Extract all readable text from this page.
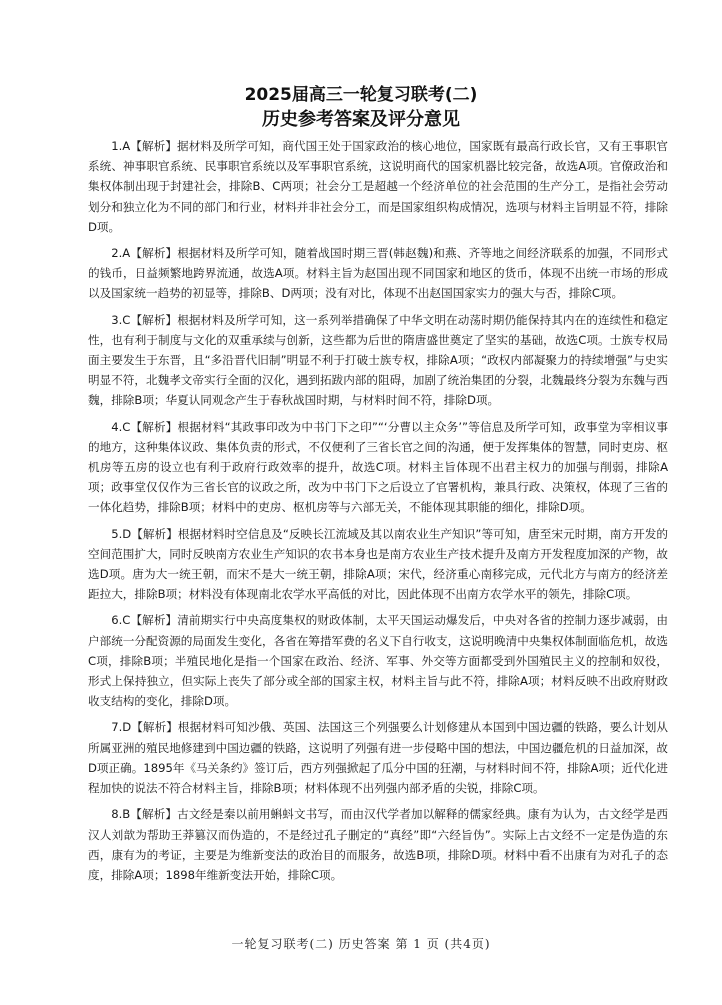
2025届高三一轮复习联考(二)
历史参考答案及评分意见

1.A【解析】据材料及所学可知，商代国王处于国家政治的核心地位，国家既有最高行政长官，又有王事职官系统、神事职官系统、民事职官系统以及军事职官系统，这说明商代的国家机器比较完备，故选A项。官僚政治和集权体制出现于封建社会，排除B、C两项；社会分工是超越一个经济单位的社会范围的生产分工，是指社会劳动划分和独立化为不同的部门和行业，材料并非社会分工，而是国家组织构成情况，选项与材料主旨明显不符，排除D项。

2.A【解析】根据材料及所学可知，随着战国时期三晋(韩赵魏)和燕、齐等地之间经济联系的加强，不同形式的钱币，日益频繁地跨界流通，故选A项。材料主旨为赵国出现不同国家和地区的货币，体现不出统一市场的形成以及国家统一趋势的初显等，排除B、D两项；没有对比，体现不出赵国国家实力的强大与否，排除C项。

3.C【解析】根据材料及所学可知，这一系列举措确保了中华文明在动荡时期仍能保持其内在的连续性和稳定性，也有利于制度与文化的双重承续与创新，这些都为后世的隋唐盛世奠定了坚实的基础，故选C项。士族专权局面主要发生于东晋，且“多沿晋代旧制”明显不利于打破士族专权，排除A项；“政权内部凝聚力的持续增强”与史实明显不符，北魏孝文帝实行全面的汉化，遇到拓跋内部的阻碍，加剧了统治集团的分裂，北魏最终分裂为东魏与西魏，排除B项；华夏认同观念产生于春秋战国时期，与材料时间不符，排除D项。

4.C【解析】根据材料“其政事印改为中书门下之印”“‘分曹以主众务’”等信息及所学可知，政事堂为宰相议事的地方，这种集体议政、集体负责的形式，不仅便利了三省长官之间的沟通，便于发挥集体的智慧，同时吏房、枢机房等五房的设立也有利于政府行政效率的提升，故选C项。材料主旨体现不出君主权力的加强与削弱，排除A项；政事堂仅仅作为三省长官的议政之所，改为中书门下之后设立了官署机构，兼具行政、决策权，体现了三省的一体化趋势，排除B项；材料中的吏房、枢机房等与六部无关，不能体现其职能的细化，排除D项。

5.D【解析】根据材料时空信息及“反映长江流域及其以南农业生产知识”等可知，唐至宋元时期，南方开发的空间范围扩大，同时反映南方农业生产知识的农书本身也是南方农业生产技术提升及南方开发程度加深的产物，故选D项。唐为大一统王朝，而宋不是大一统王朝，排除A项；宋代，经济重心南移完成，元代北方与南方的经济差距拉大，排除B项；材料没有体现南北农学水平高低的对比，因此体现不出南方农学水平的领先，排除C项。

6.C【解析】清前期实行中央高度集权的财政体制，太平天国运动爆发后，中央对各省的控制力逐步减弱，由户部统一分配资源的局面发生变化，各省在筹措军费的名义下自行收支，这说明晚清中央集权体制面临危机，故选C项，排除B项；半殖民地化是指一个国家在政治、经济、军事、外交等方面都受到外国殖民主义的控制和奴役，形式上保持独立，但实际上丧失了部分或全部的国家主权，材料主旨与此不符，排除A项；材料反映不出政府财政收支结构的变化，排除D项。

7.D【解析】根据材料可知沙俄、英国、法国这三个列强要么计划修建从本国到中国边疆的铁路，要么计划从所属亚洲的殖民地修建到中国边疆的铁路，这说明了列强有进一步侵略中国的想法，中国边疆危机的日益加深，故D项正确。1895年《马关条约》签订后，西方列强掀起了瓜分中国的狂潮，与材料时间不符，排除A项；近代化进程加快的说法不符合材料主旨，排除B项；材料体现不出列强内部矛盾的尖锐，排除C项。

8.B【解析】古文经是秦以前用蝌蚪文书写，而由汉代学者加以解释的儒家经典。康有为认为，古文经学是西汉人刘歆为帮助王莽篡汉而伪造的，不是经过孔子删定的“真经”即“六经旨伪”。实际上古文经不一定是伪造的东西，康有为的考证，主要是为维新变法的政治目的而服务，故选B项，排除D项。材料中看不出康有为对孔子的态度，排除A项；1898年维新变法开始，排除C项。

一轮复习联考(二) 历史答案 第 1 页 (共4页)
